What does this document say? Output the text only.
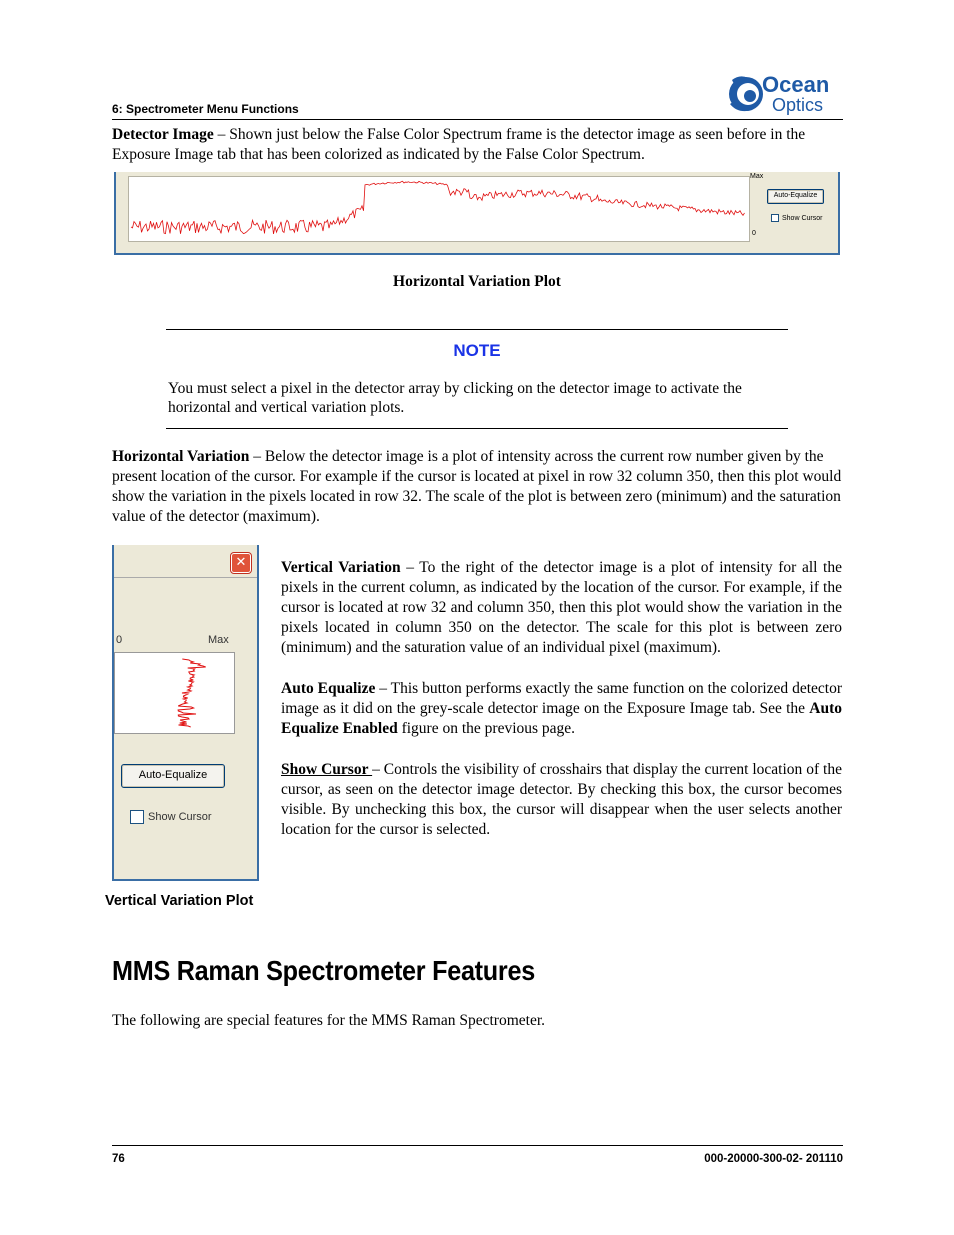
6: Spectrometer Menu Functions
Ocean
Optics
Detector Image – Shown just below the False Color Spectrum frame is the detector image as seen before in the Exposure Image tab that has been colorized as indicated by the False Color Spectrum.
Max
0
Auto-Equalize
Show Cursor
Horizontal Variation Plot
NOTE
You must select a pixel in the detector array by clicking on the detector image to activate the horizontal and vertical variation plots.
Horizontal Variation – Below the detector image is a plot of intensity across the current row number given by the present location of the cursor. For example if the cursor is located at pixel in row 32 column 350, then this plot would show the variation in the pixels located in row 32. The scale of the plot is between zero (minimum) and the saturation value of the detector (maximum).
✕
0	Max
Auto-Equalize
Show Cursor
Vertical Variation Plot

Vertical Variation – To the right of the detector image is a plot of intensity for all the pixels in the current column, as indicated by the location of the cursor. For example, if the cursor is located at row 32 and column 350, then this plot would show the variation in the pixels located in column 350 on the detector. The scale for this plot is between zero (minimum) and the saturation value of an individual pixel (maximum).

Auto Equalize – This button performs exactly the same function on the colorized detector image as it did on the grey-scale detector image on the Exposure Image tab. See the Auto Equalize Enabled figure on the previous page.

Show Cursor – Controls the visibility of crosshairs that display the current location of the cursor, as seen on the detector image detector. By checking this box, the cursor becomes visible. By unchecking this box, the cursor will disappear when the user selects another location for the cursor is selected.

MMS Raman Spectrometer Features
The following are special features for the MMS Raman Spectrometer.
76	000-20000-300-02- 201110
